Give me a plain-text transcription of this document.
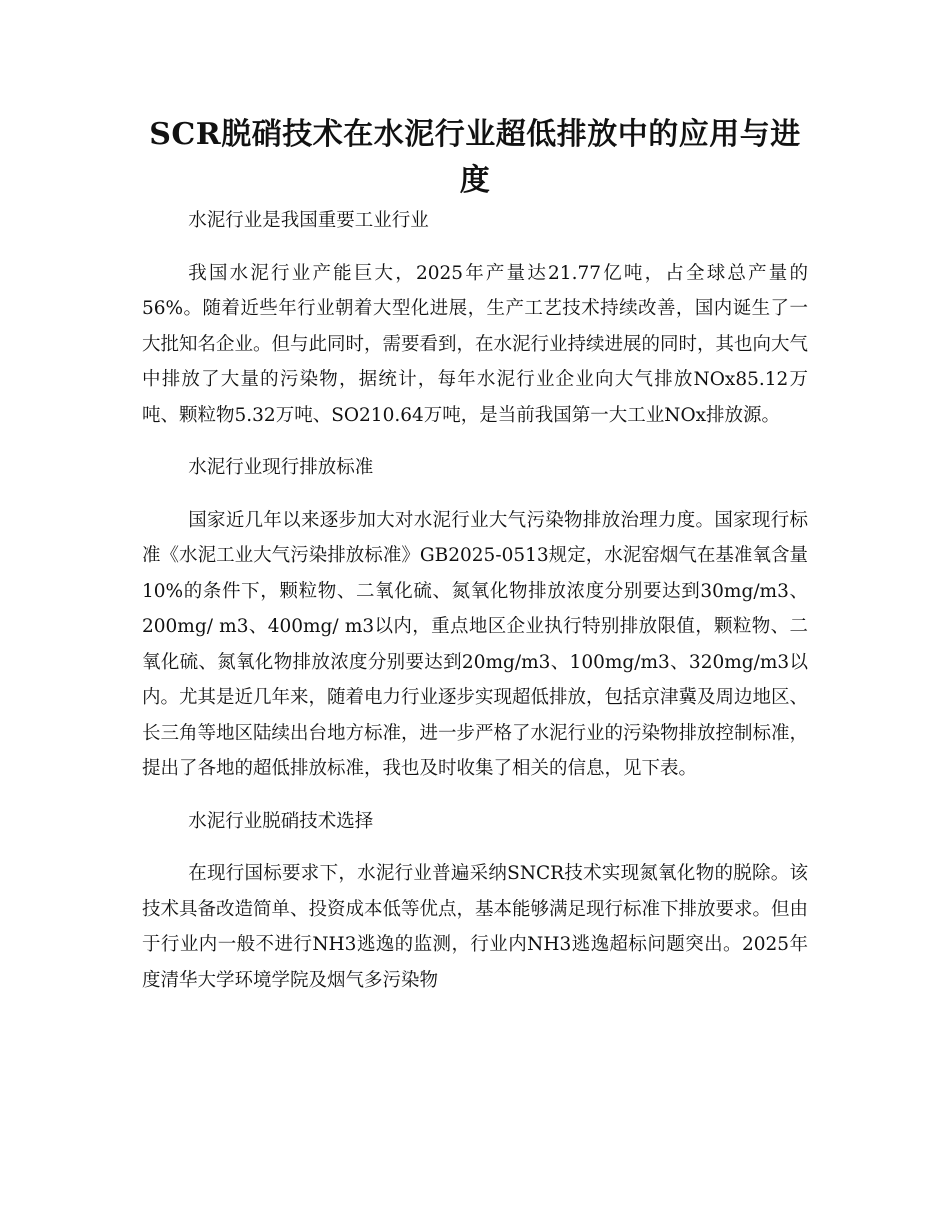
SCR脱硝技术在水泥行业超低排放中的应用与进度

水泥行业是我国重要工业行业

我国水泥行业产能巨大，2025年产量达21.77亿吨，占全球总产量的56%。随着近些年行业朝着大型化进展，生产工艺技术持续改善，国内诞生了一大批知名企业。但与此同时，需要看到，在水泥行业持续进展的同时，其也向大气中排放了大量的污染物，据统计，每年水泥行业企业向大气排放NOx85.12万吨、颗粒物5.32万吨、SO210.64万吨，是当前我国第一大工业NOx排放源。

水泥行业现行排放标准

国家近几年以来逐步加大对水泥行业大气污染物排放治理力度。国家现行标准《水泥工业大气污染排放标准》GB2025-0513规定，水泥窑烟气在基准氧含量10%的条件下，颗粒物、二氧化硫、氮氧化物排放浓度分别要达到30mg/m3、200mg/ m3、400mg/ m3以内，重点地区企业执行特别排放限值，颗粒物、二氧化硫、氮氧化物排放浓度分别要达到20mg/m3、100mg/m3、320mg/m3以内。尤其是近几年来，随着电力行业逐步实现超低排放，包括京津冀及周边地区、长三角等地区陆续出台地方标准，进一步严格了水泥行业的污染物排放控制标准，提出了各地的超低排放标准，我也及时收集了相关的信息，见下表。

水泥行业脱硝技术选择

在现行国标要求下，水泥行业普遍采纳SNCR技术实现氮氧化物的脱除。该技术具备改造简单、投资成本低等优点，基本能够满足现行标准下排放要求。但由于行业内一般不进行NH3逃逸的监测，行业内NH3逃逸超标问题突出。2025年度清华大学环境学院及烟气多污染物
